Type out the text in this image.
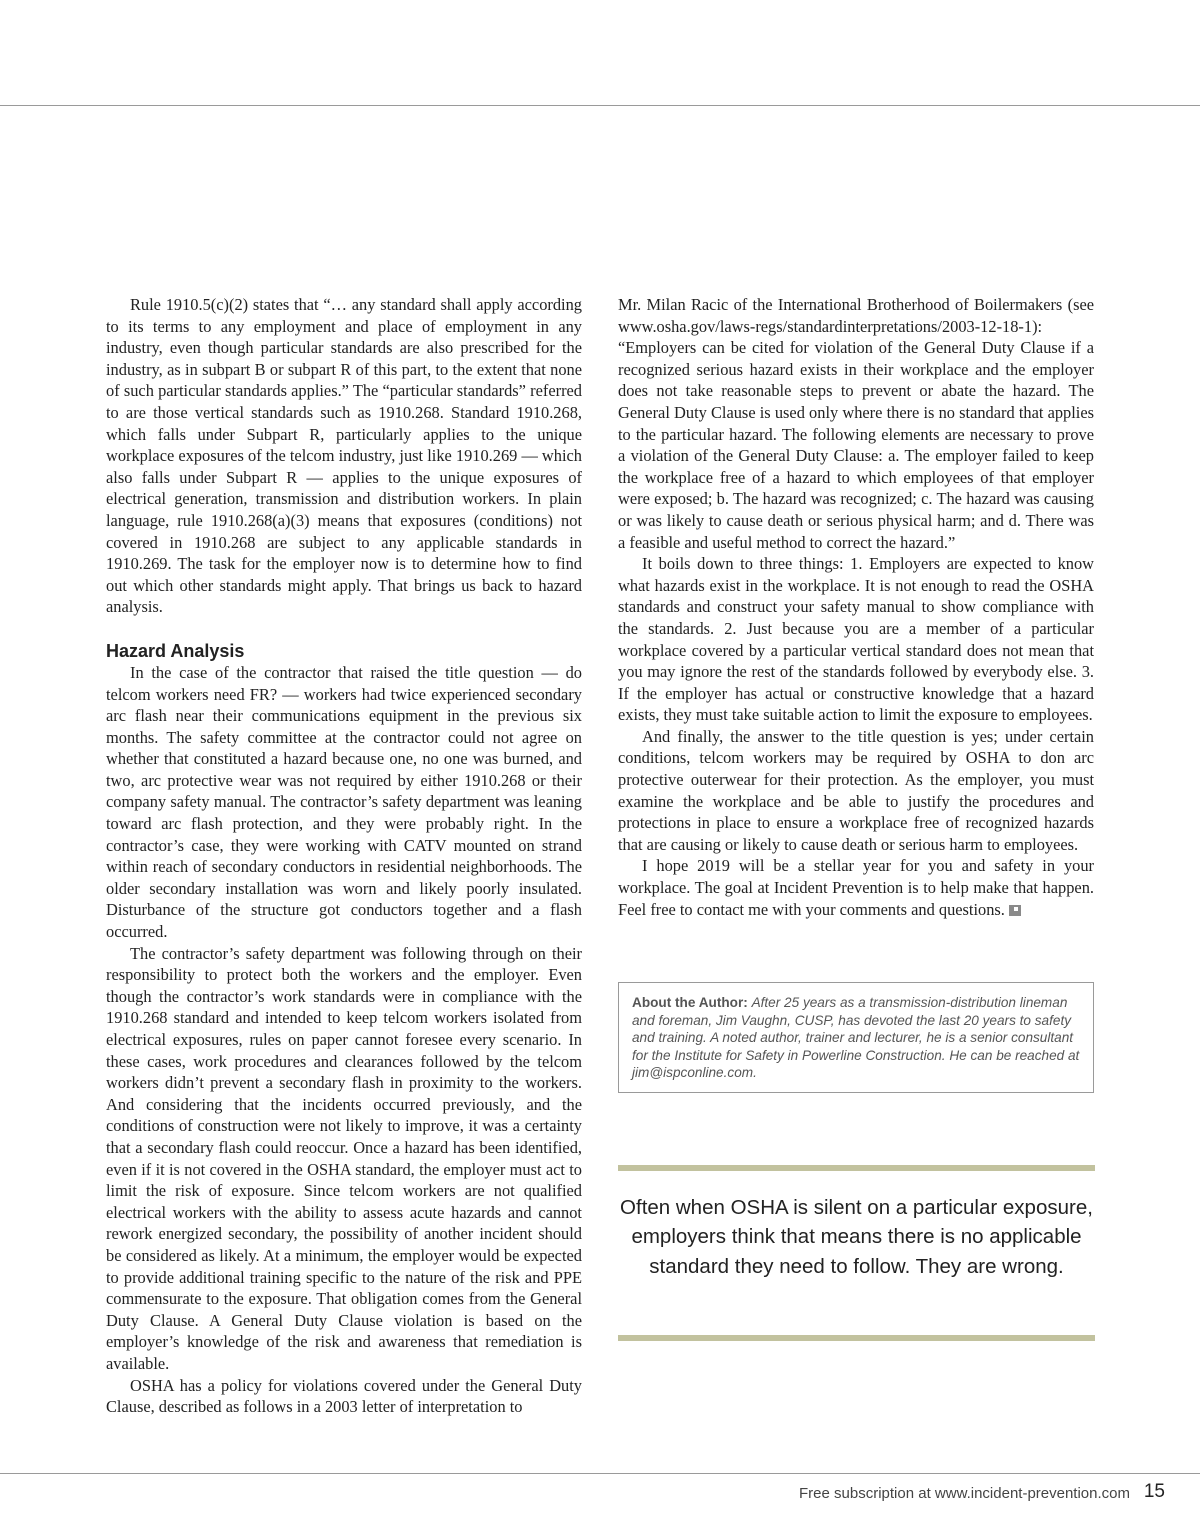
Rule 1910.5(c)(2) states that “… any standard shall apply according to its terms to any employment and place of employment in any industry, even though particular standards are also prescribed for the industry, as in subpart B or subpart R of this part, to the extent that none of such particular standards applies.” The “particular standards” referred to are those vertical standards such as 1910.268. Standard 1910.268, which falls under Subpart R, particularly applies to the unique workplace exposures of the telcom industry, just like 1910.269 — which also falls under Subpart R — applies to the unique exposures of electrical generation, transmission and distribution workers. In plain language, rule 1910.268(a)(3) means that exposures (conditions) not covered in 1910.268 are subject to any applicable standards in 1910.269. The task for the employer now is to determine how to find out which other standards might apply. That brings us back to hazard analysis.

Hazard Analysis

In the case of the contractor that raised the title question — do telcom workers need FR? — workers had twice experienced secondary arc flash near their communications equipment in the previous six months. The safety committee at the contractor could not agree on whether that constituted a hazard because one, no one was burned, and two, arc protective wear was not required by either 1910.268 or their company safety manual. The contractor’s safety department was leaning toward arc flash protection, and they were probably right. In the contractor’s case, they were working with CATV mounted on strand within reach of secondary conductors in residential neighborhoods. The older secondary installation was worn and likely poorly insulated. Disturbance of the structure got conductors together and a flash occurred.

The contractor’s safety department was following through on their responsibility to protect both the workers and the employer. Even though the contractor’s work standards were in compliance with the 1910.268 standard and intended to keep telcom workers isolated from electrical exposures, rules on paper cannot foresee every scenario. In these cases, work procedures and clearances followed by the telcom workers didn’t prevent a secondary flash in proximity to the workers. And considering that the incidents occurred previously, and the conditions of construction were not likely to improve, it was a certainty that a secondary flash could reoccur. Once a hazard has been identified, even if it is not covered in the OSHA standard, the employer must act to limit the risk of exposure. Since telcom workers are not qualified electrical workers with the ability to assess acute hazards and cannot rework energized secondary, the possibility of another incident should be considered as likely. At a minimum, the employer would be expected to provide additional training specific to the nature of the risk and PPE commensurate to the exposure. That obligation comes from the General Duty Clause. A General Duty Clause violation is based on the employer’s knowledge of the risk and awareness that remediation is available.

OSHA has a policy for violations covered under the General Duty Clause, described as follows in a 2003 letter of interpretation to

Mr. Milan Racic of the International Brotherhood of Boilermakers (see www.osha.gov/laws-regs/standardinterpretations/2003-12-18-1): “Employers can be cited for violation of the General Duty Clause if a recognized serious hazard exists in their workplace and the employer does not take reasonable steps to prevent or abate the hazard. The General Duty Clause is used only where there is no standard that applies to the particular hazard. The following elements are necessary to prove a violation of the General Duty Clause: a. The employer failed to keep the workplace free of a hazard to which employees of that employer were exposed; b. The hazard was recognized; c. The hazard was causing or was likely to cause death or serious physical harm; and d. There was a feasible and useful method to correct the hazard.”

It boils down to three things: 1. Employers are expected to know what hazards exist in the workplace. It is not enough to read the OSHA standards and construct your safety manual to show compliance with the standards. 2. Just because you are a member of a particular workplace covered by a particular vertical standard does not mean that you may ignore the rest of the standards followed by everybody else. 3. If the employer has actual or constructive knowledge that a hazard exists, they must take suitable action to limit the exposure to employees.

And finally, the answer to the title question is yes; under certain conditions, telcom workers may be required by OSHA to don arc protective outerwear for their protection. As the employer, you must examine the workplace and be able to justify the procedures and protections in place to ensure a workplace free of recognized hazards that are causing or likely to cause death or serious harm to employees.

I hope 2019 will be a stellar year for you and safety in your workplace. The goal at Incident Prevention is to help make that happen. Feel free to contact me with your comments and questions.

About the Author: After 25 years as a transmission-distribution lineman and foreman, Jim Vaughn, CUSP, has devoted the last 20 years to safety and training. A noted author, trainer and lecturer, he is a senior consultant for the Institute for Safety in Powerline Construction. He can be reached at jim@ispconline.com.
Often when OSHA is silent on a particular exposure, employers think that means there is no applicable standard they need to follow. They are wrong.
Free subscription at www.incident-prevention.com 15
